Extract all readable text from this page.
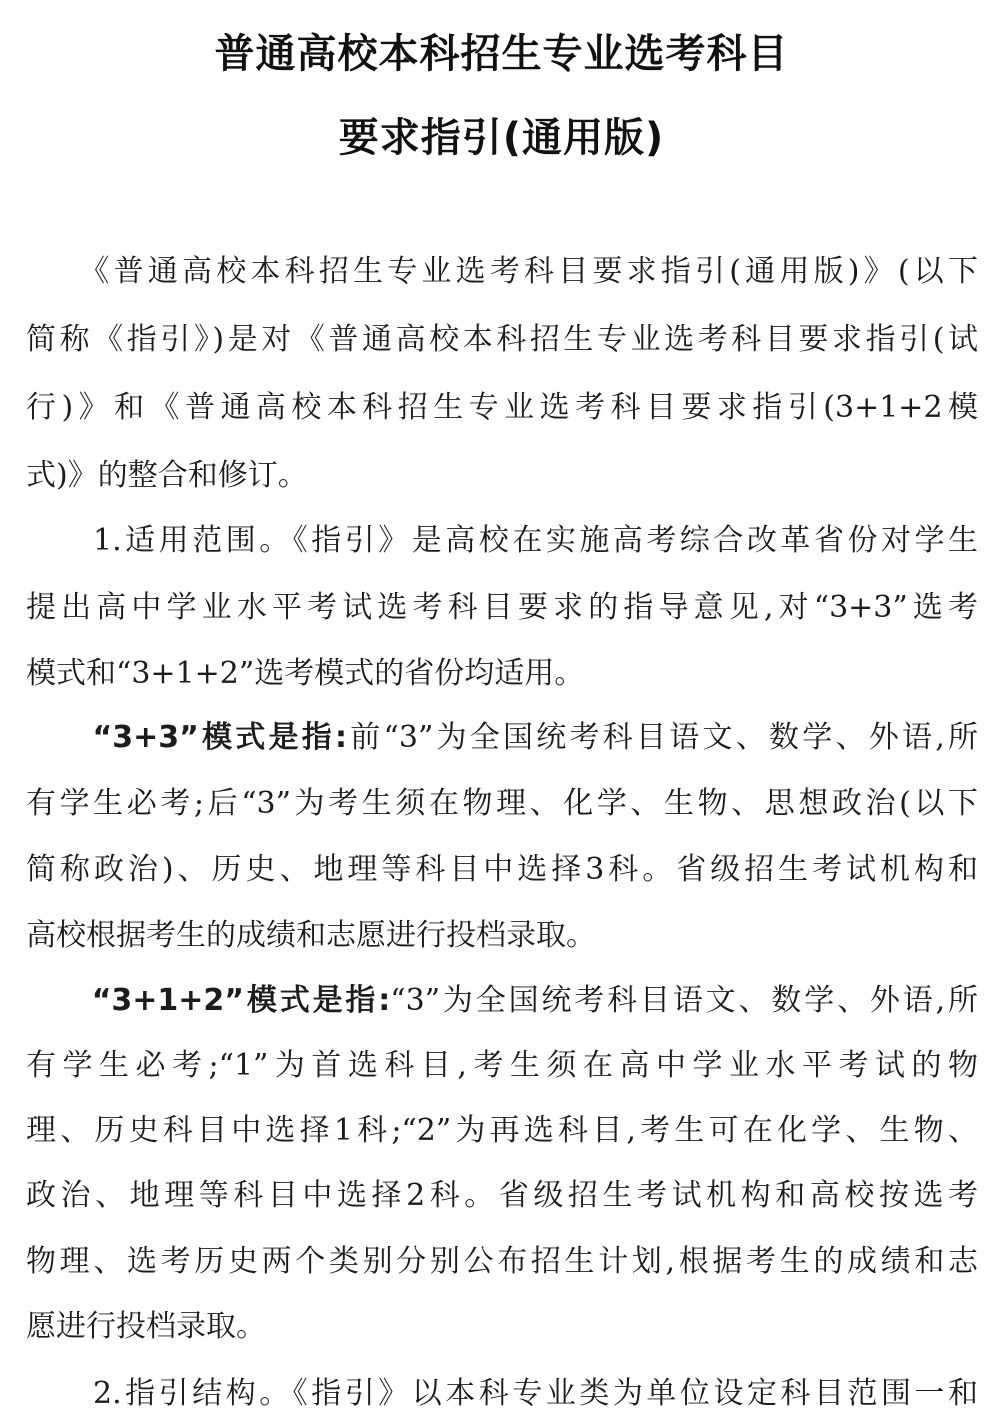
普通高校本科招生专业选考科目
要求指引(通用版)
　　《普通高校本科招生专业选考科目要求指引(通用版)》(以下
简称《指引》)是对《普通高校本科招生专业选考科目要求指引(试
行)》和《普通高校本科招生专业选考科目要求指引(3+1+2模
式)》的整合和修订。
　　1.适用范围。《指引》是高校在实施高考综合改革省份对学生
提出高中学业水平考试选考科目要求的指导意见,对“3+3”选考
模式和“3+1+2”选考模式的省份均适用。
　　“3+3”模式是指:前“3”为全国统考科目语文、数学、外语,所
有学生必考;后“3”为考生须在物理、化学、生物、思想政治(以下
简称政治)、历史、地理等科目中选择3科。省级招生考试机构和
高校根据考生的成绩和志愿进行投档录取。
　　“3+1+2”模式是指:“3”为全国统考科目语文、数学、外语,所
有学生必考;“1”为首选科目,考生须在高中学业水平考试的物
理、历史科目中选择1科;“2”为再选科目,考生可在化学、生物、
政治、地理等科目中选择2科。省级招生考试机构和高校按选考
物理、选考历史两个类别分别公布招生计划,根据考生的成绩和志
愿进行投档录取。
　　2.指引结构。《指引》以本科专业类为单位设定科目范围一和
